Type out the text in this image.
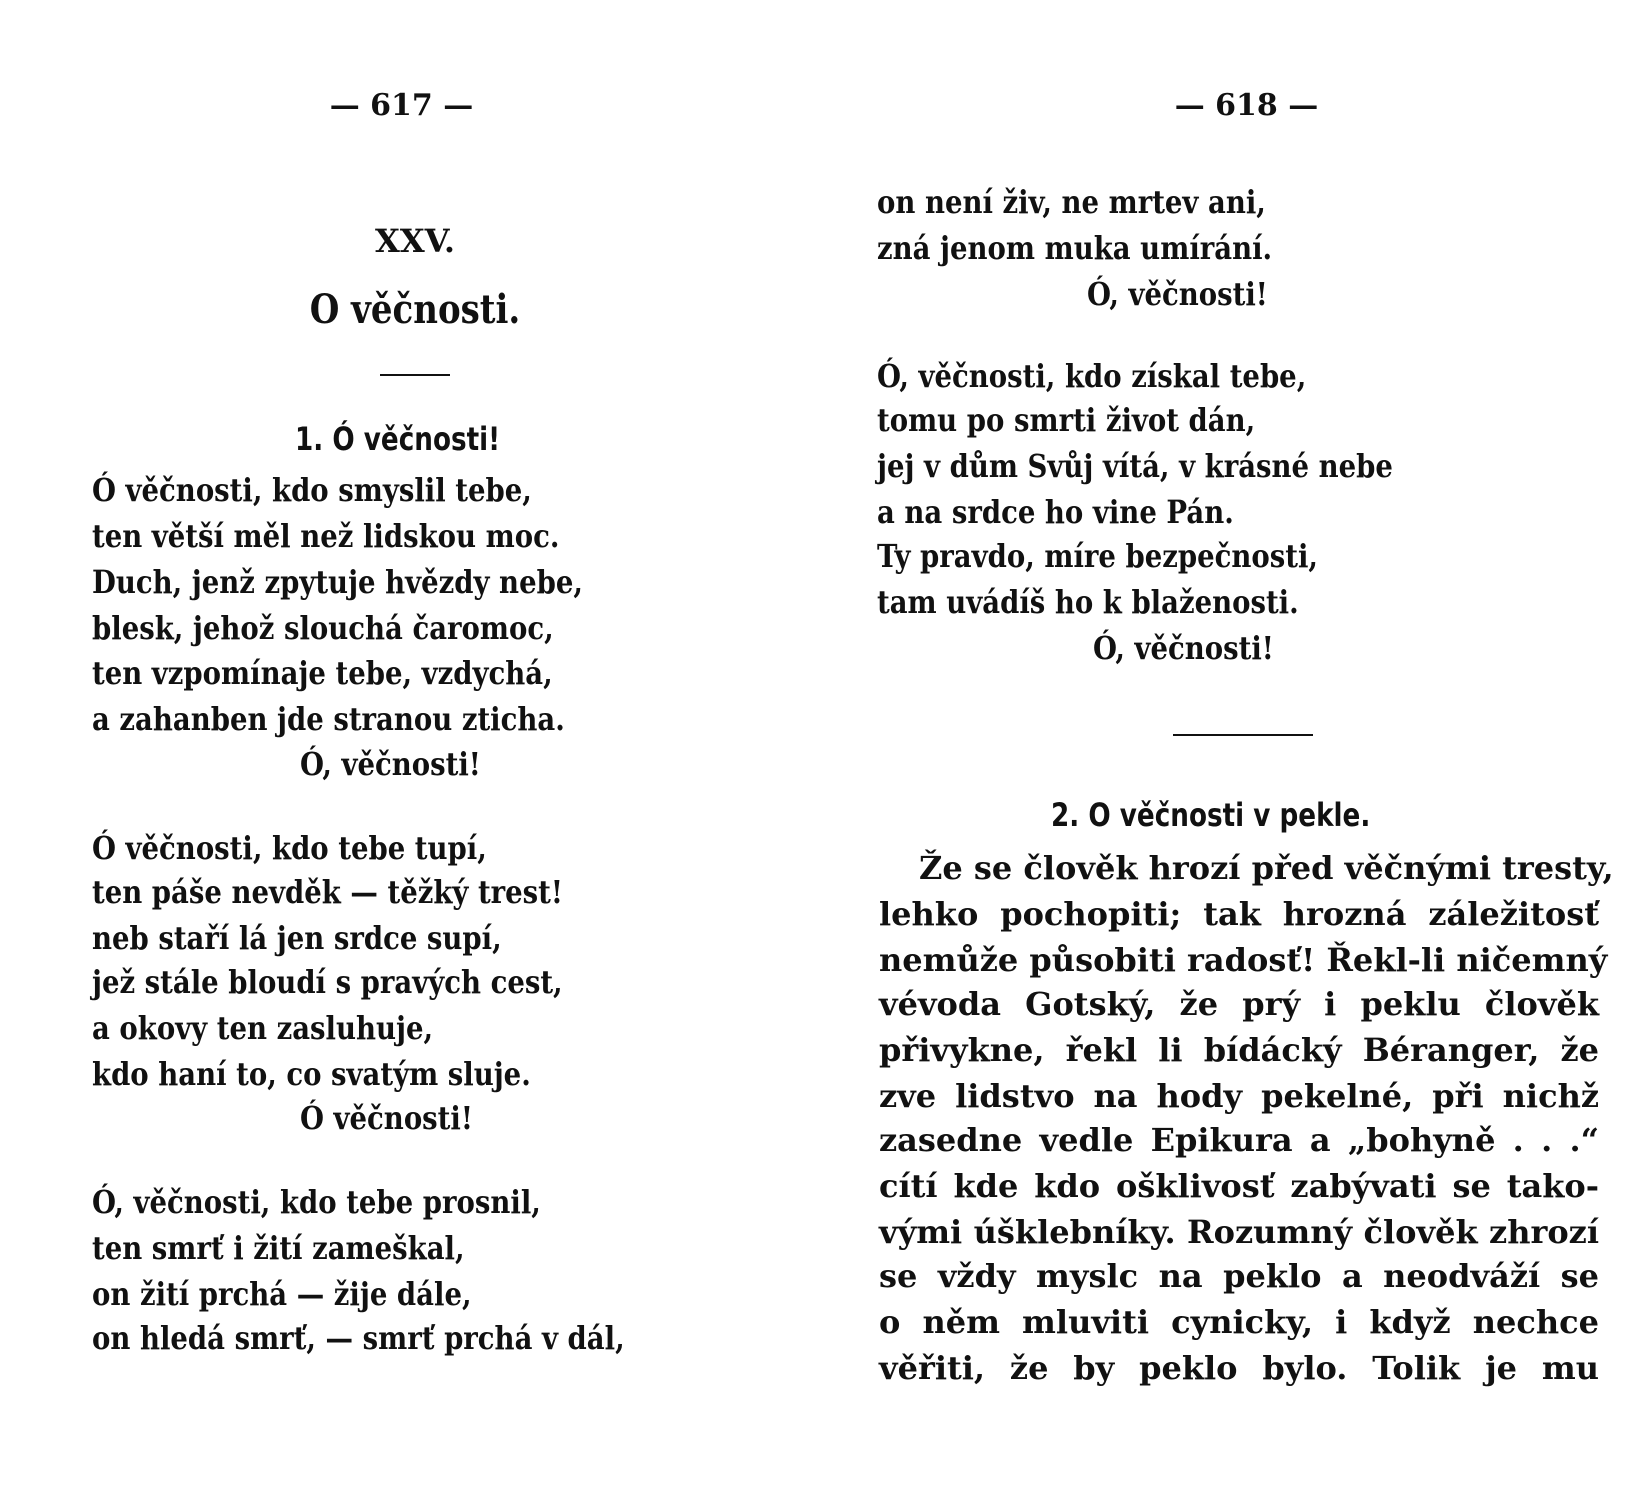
— 617 —
XXV.
O věčnosti.
1. Ó věčnosti!
Ó věčnosti, kdo smyslil tebe,
ten větší měl než lidskou moc.
Duch, jenž zpytuje hvězdy nebe,
blesk, jehož slouchá čaromoc,
ten vzpomínaje tebe, vzdychá,
a zahanben jde stranou zticha.
Ó, věčnosti!
Ó věčnosti, kdo tebe tupí,
ten páše nevděk — těžký trest!
neb staří lá jen srdce supí,
jež stále bloudí s pravých cest,
a okovy ten zasluhuje,
kdo haní to, co svatým sluje.
Ó věčnosti!
Ó, věčnosti, kdo tebe prosnil,
ten smrť i žití zameškal,
on žití prchá — žije dále,
on hledá smrť, — smrť prchá v dál,
— 618 —
on není živ, ne mrtev ani,
zná jenom muka umírání.
Ó, věčnosti!
Ó, věčnosti, kdo získal tebe,
tomu po smrti život dán,
jej v dům Svůj vítá, v krásné nebe
a na srdce ho vine Pán.
Ty pravdo, míre bezpečnosti,
tam uvádíš ho k blaženosti.
Ó, věčnosti!
2. O věčnosti v pekle.
Že se člověk hrozí před věčnými tresty,
lehko pochopiti; tak hrozná záležitosť
nemůže působiti radosť! Řekl-li ničemný
vévoda Gotský, že prý i peklu člověk
přivykne, řekl li bídácký Béranger, že
zve lidstvo na hody pekelné, při nichž
zasedne vedle Epikura a „bohyně . . .“
cítí kde kdo ošklivosť zabývati se tako-
vými úšklebníky. Rozumný člověk zhrozí
se vždy myslc na peklo a neodváží se
o něm mluviti cynicky, i když nechce
věřiti, že by peklo bylo. Tolik je mu
